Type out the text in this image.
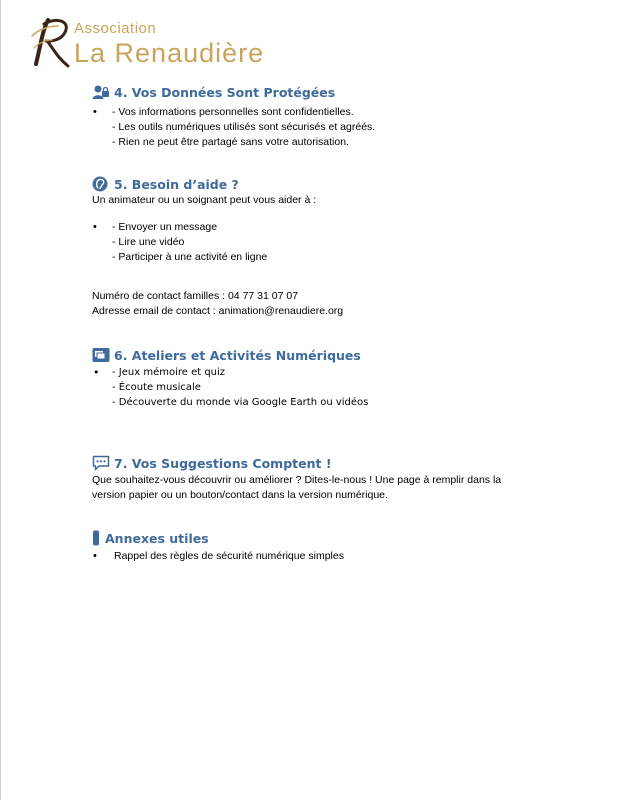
Association
La Renaudière
4. Vos Données Sont Protégées
• - Vos informations personnelles sont confidentielles.
- Les outils numériques utilisés sont sécurisés et agréés.
- Rien ne peut être partagé sans votre autorisation.
5. Besoin d’aide ?
Un animateur ou un soignant peut vous aider à :
• - Envoyer un message
- Lire une vidéo
- Participer à une activité en ligne
Numéro de contact familles : 04 77 31 07 07
Adresse email de contact : animation@renaudiere.org
6. Ateliers et Activités Numériques
• - Jeux mémoire et quiz
- Écoute musicale
- Découverte du monde via Google Earth ou vidéos
7. Vos Suggestions Comptent !
Que souhaitez-vous découvrir ou améliorer ? Dites-le-nous ! Une page à remplir dans la
version papier ou un bouton/contact dans la version numérique.
Annexes utiles
• Rappel des règles de sécurité numérique simples
